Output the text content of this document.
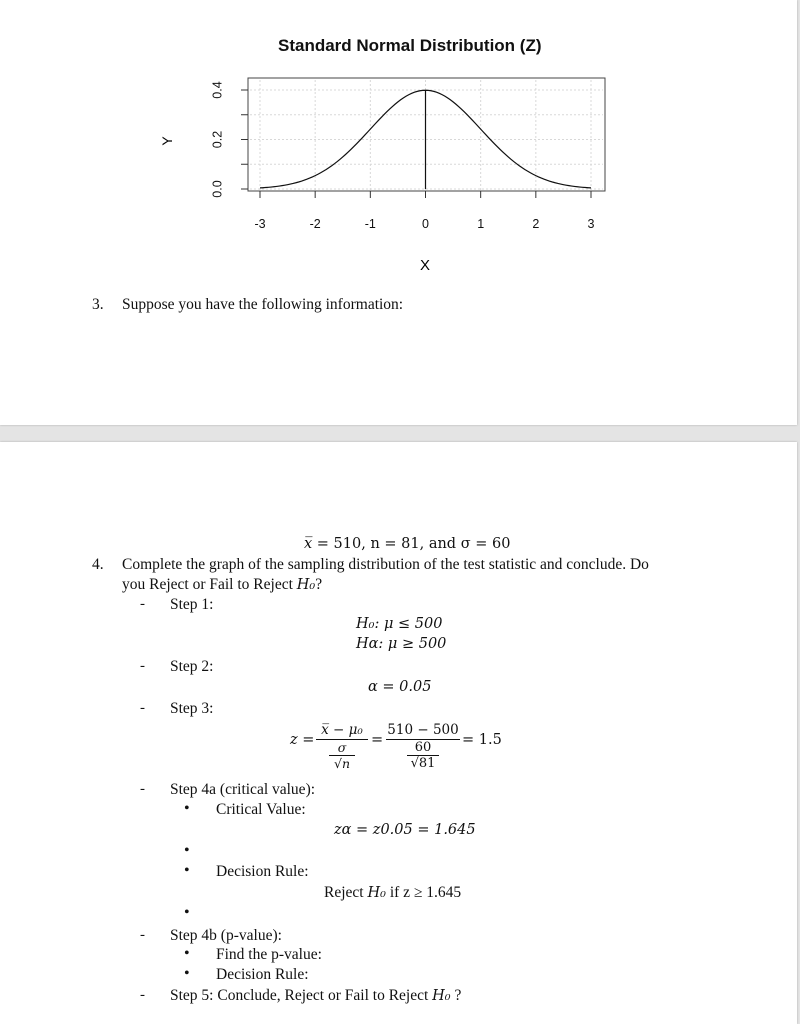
Standard Normal Distribution (Z)
-3	-2	-1	0	1	2	3
0.0
0.2
0.4
X
Y
3. Suppose you have the following information:
x̅ = 510, n = 81, and σ = 60
4. Complete the graph of the sampling distribution of the test statistic and conclude. Do
you Reject or Fail to Reject H₀?
- Step 1:
H₀: μ ≤ 500
Hα: μ ≥ 500
- Step 2:
α = 0.05
- Step 3:
z =
x̅ − μ₀
σ
√n
=
510 − 500
60
√81
= 1.5
- Step 4a (critical value):
• Critical Value:
zα = z0.05 = 1.645
•
• Decision Rule:
Reject H₀ if z ≥ 1.645
•
- Step 4b (p-value):
• Find the p-value:
• Decision Rule:
- Step 5: Conclude, Reject or Fail to Reject H₀ ?
